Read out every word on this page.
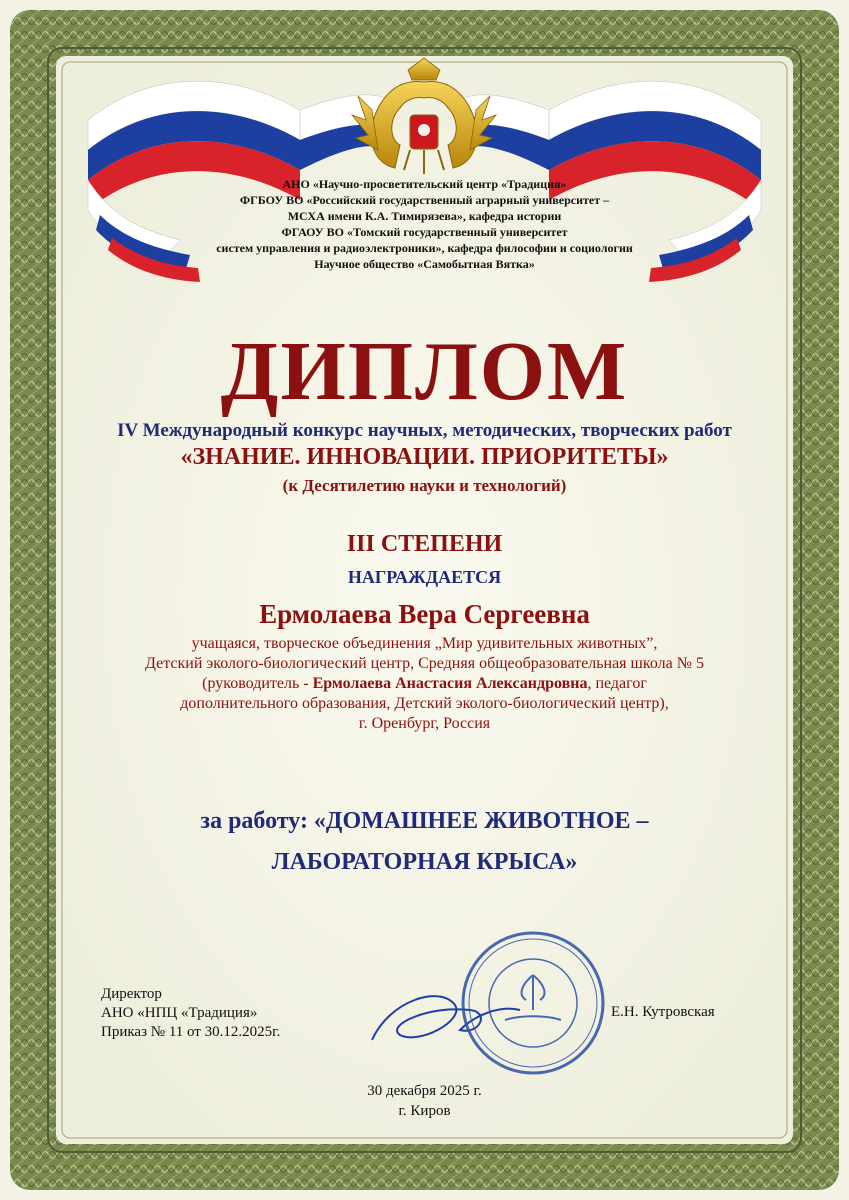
АНО «Научно-просветительский центр «Традиция»
ФГБОУ ВО «Российский государственный аграрный университет –
МСХА имени К.А. Тимирязева», кафедра истории
ФГАОУ ВО «Томский государственный университет
систем управления и радиоэлектроники», кафедра философии и социологии
Научное общество «Самобытная Вятка»
ДИПЛОМ
IV Международный конкурс научных, методических, творческих работ
«ЗНАНИЕ. ИННОВАЦИИ. ПРИОРИТЕТЫ»
(к Десятилетию науки и технологий)
III СТЕПЕНИ
НАГРАЖДАЕТСЯ
Ермолаева Вера Сергеевна
учащаяся, творческое объединения „Мир удивительных животных”,
Детский эколого-биологический центр, Средняя общеобразовательная школа № 5
(руководитель - Ермолаева Анастасия Александровна, педагог
дополнительного образования, Детский эколого-биологический центр),
г. Оренбург, Россия
за работу: «ДОМАШНЕЕ ЖИВОТНОЕ –
ЛАБОРАТОРНАЯ КРЫСА»
Директор
АНО «НПЦ «Традиция»
Приказ № 11 от 30.12.2025г.
Е.Н. Кутровская
30 декабря 2025 г.
г. Киров
